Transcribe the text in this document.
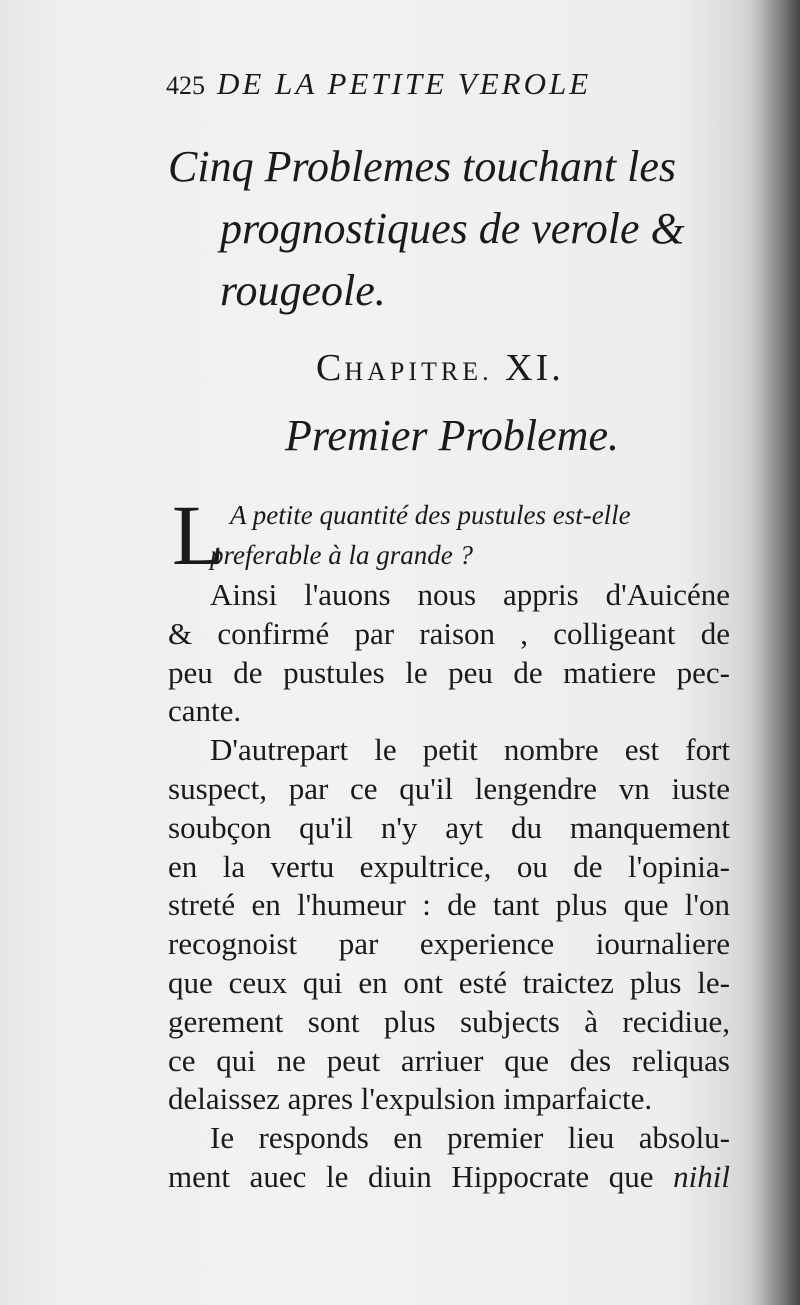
425 DE LA PETITE VEROLE
Cinq Problemes touchant les
prognostiques de verole &
rougeole.
CHAPITRE. XI.
Premier Probleme.
L A petite quantité des pustules est-elle
preferable à la grande ?
Ainsi l'auons nous appris d'Auicéne
& confirmé par raison , colligeant de
peu de pustules le peu de matiere pec-
cante.
D'autrepart le petit nombre est fort
suspect, par ce qu'il lengendre vn iuste
soubçon qu'il n'y ayt du manquement
en la vertu expultrice, ou de l'opinia-
streté en l'humeur : de tant plus que l'on
recognoist par experience iournaliere
que ceux qui en ont esté traictez plus le-
gerement sont plus subjects à recidiue,
ce qui ne peut arriuer que des reliquas
delaissez apres l'expulsion imparfaicte.
Ie responds en premier lieu absolu-
ment auec le diuin Hippocrate que nihil
